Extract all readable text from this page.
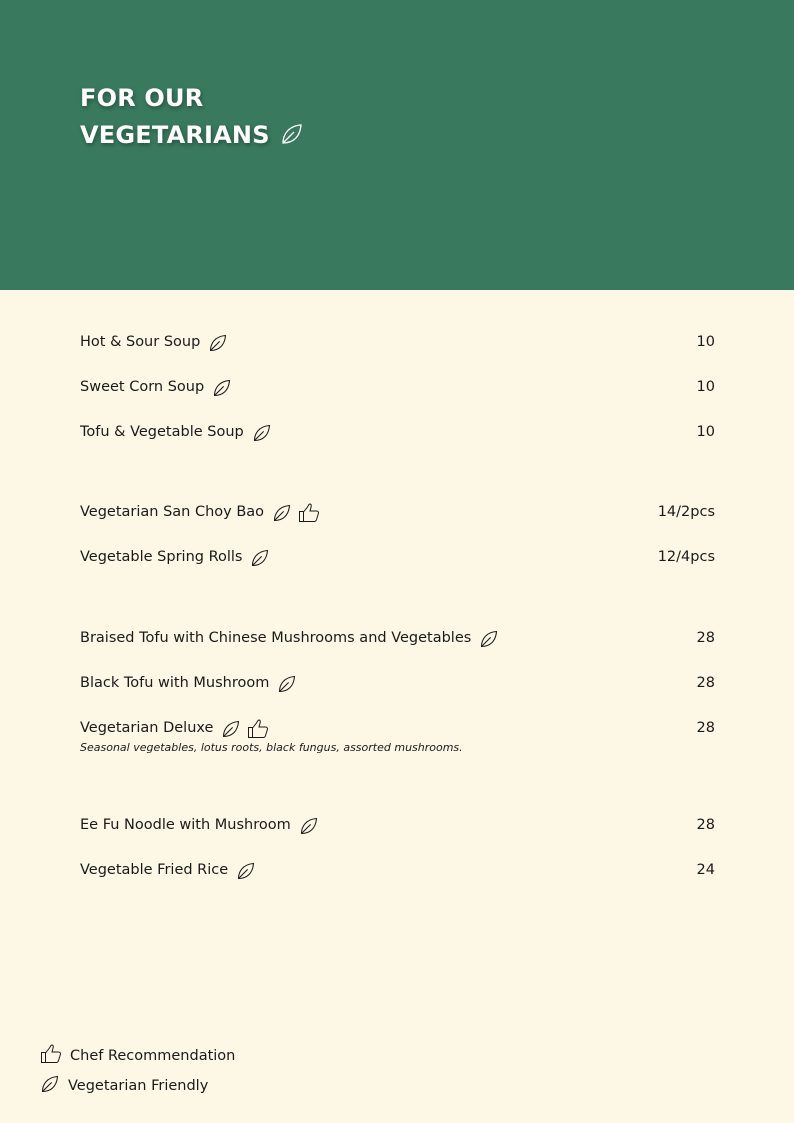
FOR OUR
VEGETARIANS
Hot & Sour Soup	10
Sweet Corn Soup	10
Tofu & Vegetable Soup	10
Vegetarian San Choy Bao	14/2pcs
Vegetable Spring Rolls	12/4pcs
Braised Tofu with Chinese Mushrooms and Vegetables	28
Black Tofu with Mushroom	28
Vegetarian Deluxe	28
Seasonal vegetables, lotus roots, black fungus, assorted mushrooms.
Ee Fu Noodle with Mushroom	28
Vegetable Fried Rice	24
Chef Recommendation
Vegetarian Friendly
